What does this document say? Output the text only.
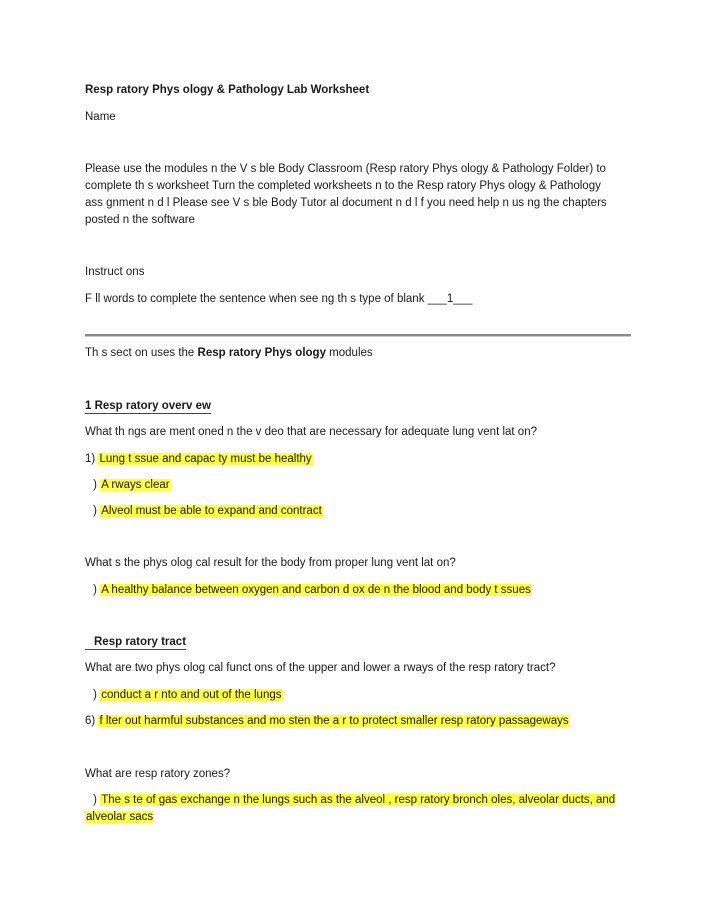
Resp ratory Phys ology & Pathology Lab Worksheet
Name
Please use the modules n the V s ble Body Classroom (Resp ratory Phys ology & Pathology Folder) to
complete th s worksheet Turn the completed worksheets n to the Resp ratory Phys ology & Pathology
ass gnment n d l Please see V s ble Body Tutor al document n d l f you need help n us ng the chapters
posted n the software
Instruct ons
F ll words to complete the sentence when see ng th s type of blank ___1___
Th s sect on uses the Resp ratory Phys ology modules
1 Resp ratory overv ew
What th ngs are ment oned n the v deo that are necessary for adequate lung vent lat on?
1) Lung t ssue and capac ty must be healthy
) A rways clear
) Alveol must be able to expand and contract
What s the phys olog cal result for the body from proper lung vent lat on?
) A healthy balance between oxygen and carbon d ox de n the blood and body t ssues
Resp ratory tract
What are two phys olog cal funct ons of the upper and lower a rways of the resp ratory tract?
) conduct a r nto and out of the lungs
6) f lter out harmful substances and mo sten the a r to protect smaller resp ratory passageways
What are resp ratory zones?
) The s te of gas exchange n the lungs such as the alveol , resp ratory bronch oles, alveolar ducts, and
alveolar sacs
